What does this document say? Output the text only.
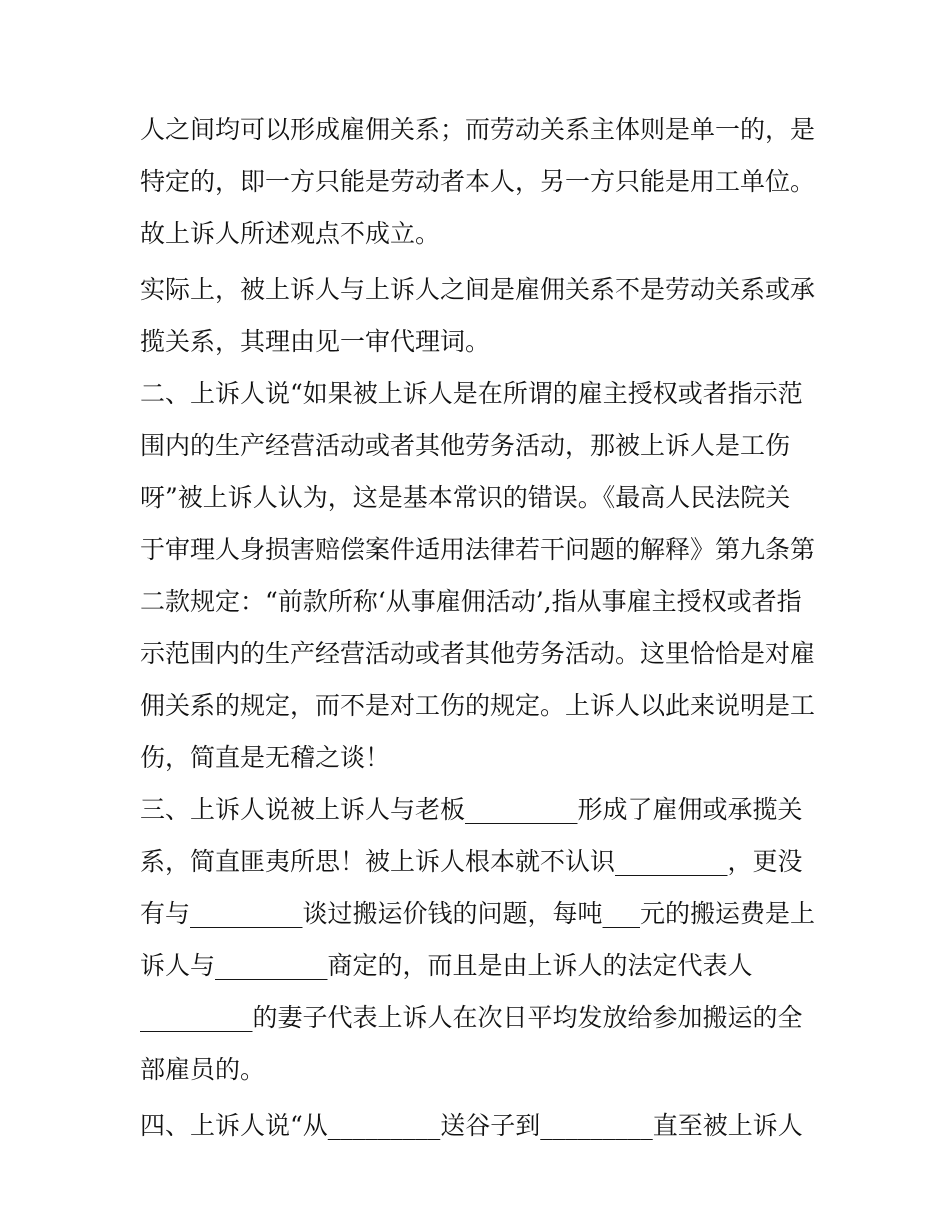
人之间均可以形成雇佣关系；而劳动关系主体则是单一的，是
特定的，即一方只能是劳动者本人，另一方只能是用工单位。
故上诉人所述观点不成立。
实际上，被上诉人与上诉人之间是雇佣关系不是劳动关系或承
揽关系，其理由见一审代理词。
二、上诉人说“如果被上诉人是在所谓的雇主授权或者指示范
围内的生产经营活动或者其他劳务活动，那被上诉人是工伤
呀”被上诉人认为，这是基本常识的错误。《最高人民法院关
于审理人身损害赔偿案件适用法律若干问题的解释》第九条第
二款规定：“前款所称‘从事雇佣活动’,指从事雇主授权或者指
示范围内的生产经营活动或者其他劳务活动。这里恰恰是对雇
佣关系的规定，而不是对工伤的规定。上诉人以此来说明是工
伤，简直是无稽之谈！
三、上诉人说被上诉人与老板_________形成了雇佣或承揽关
系，简直匪夷所思！被上诉人根本就不认识_________，更没
有与_________谈过搬运价钱的问题，每吨___元的搬运费是上
诉人与_________商定的，而且是由上诉人的法定代表人
_________的妻子代表上诉人在次日平均发放给参加搬运的全
部雇员的。
四、上诉人说“从_________送谷子到_________直至被上诉人
